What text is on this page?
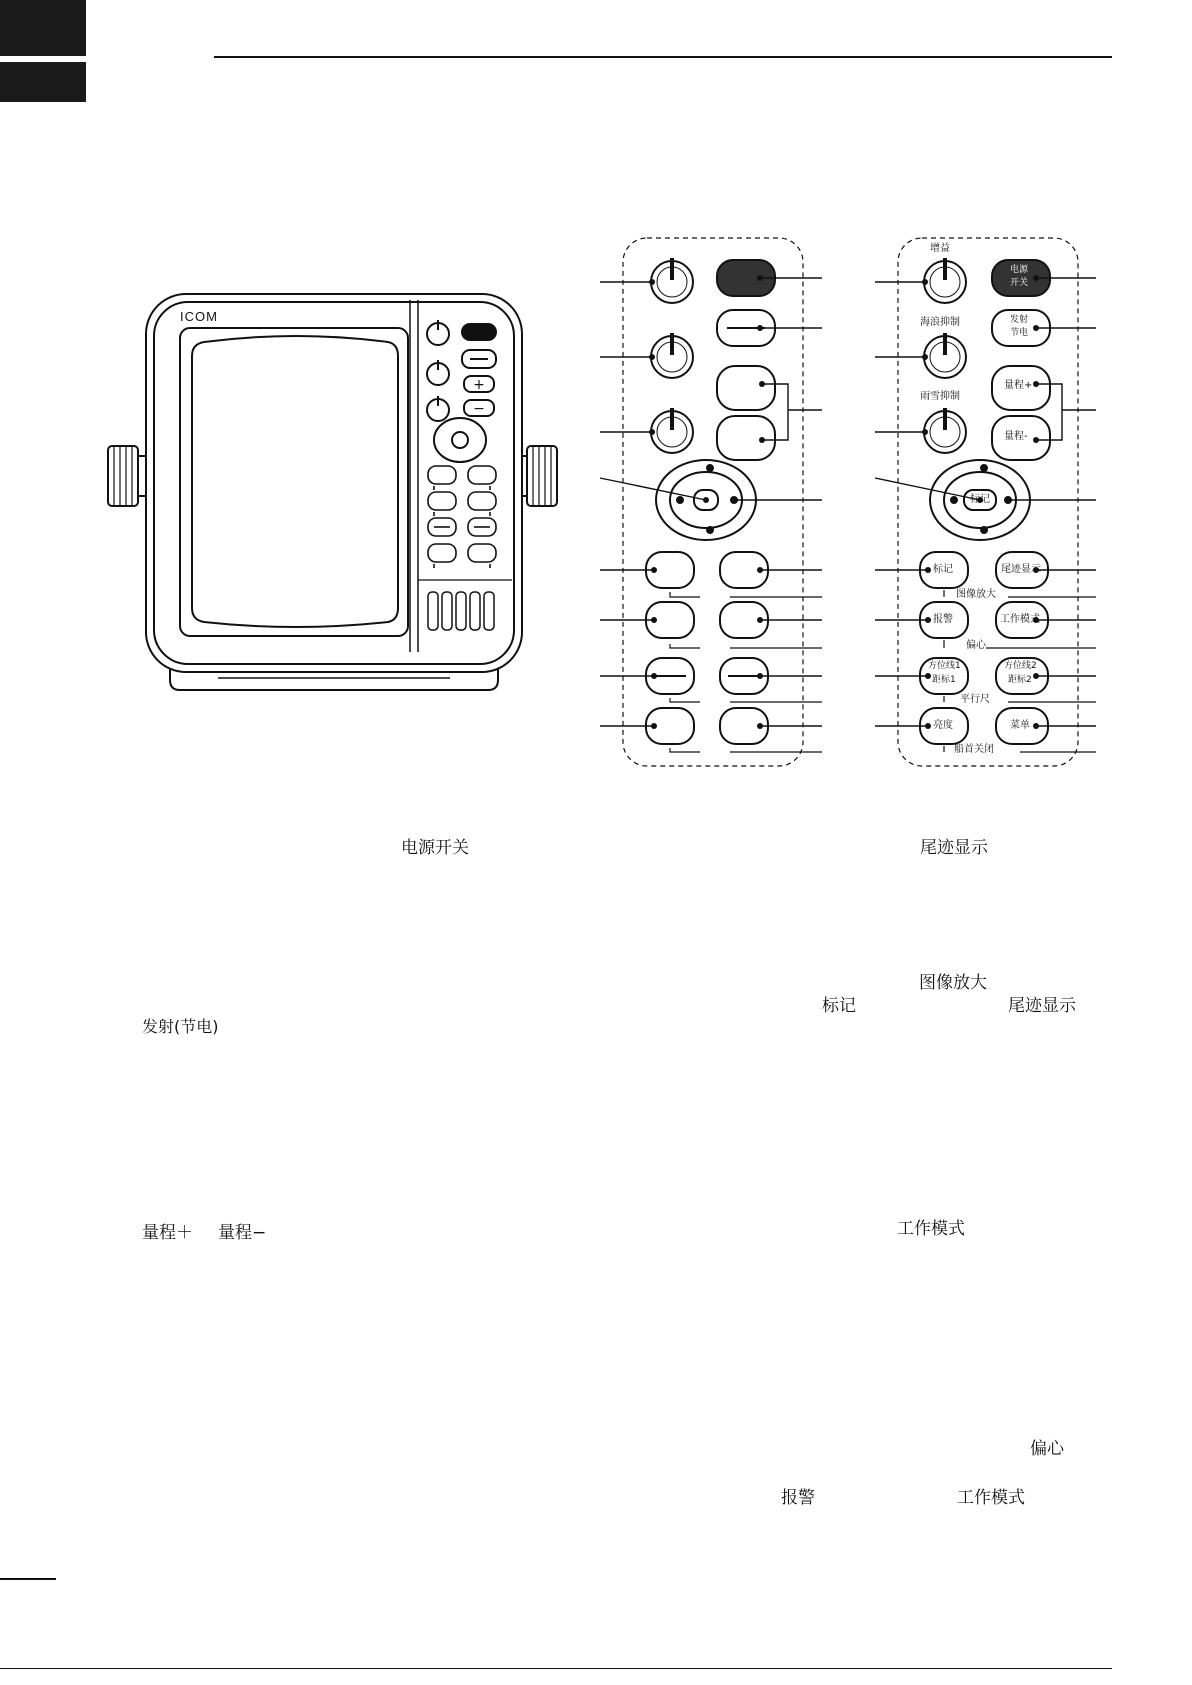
+
−
ICOM
增益
海浪抑制
雨雪抑制
电源
开关
发射
节电
量程+
量程-
标记
标记	尾迹显示
图像放大
报警	工作模式
偏心
方位线1
距标1
方位线2
距标2
平行尺
亮度	菜单
船首关闭
电源开关
发射(节电)
量程＋ 量程−
尾迹显示
图像放大
标记	尾迹显示
工作模式
偏心
报警	工作模式
